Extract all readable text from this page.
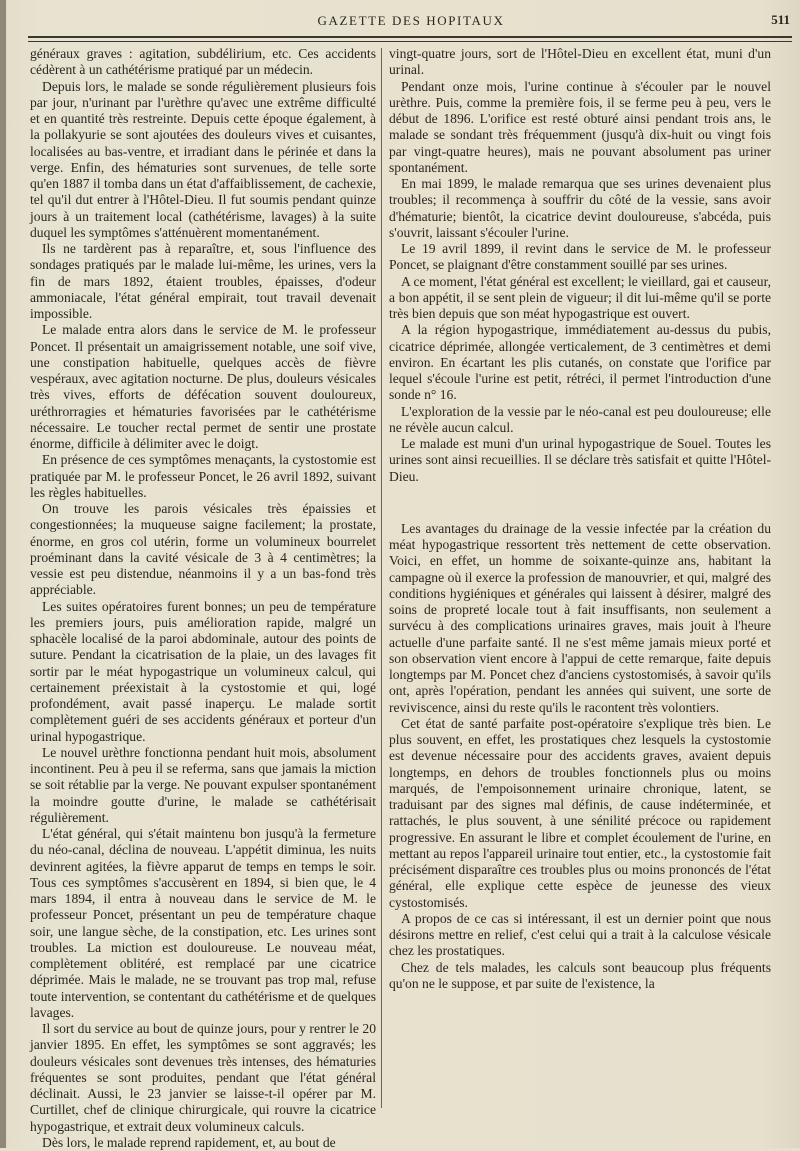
GAZETTE DES HOPITAUX	511

généraux graves : agitation, subdélirium, etc. Ces accidents cédèrent à un cathétérisme pratiqué par un médecin.

Depuis lors, le malade se sonde régulièrement plusieurs fois par jour, n'urinant par l'urèthre qu'avec une extrême difficulté et en quantité très restreinte. Depuis cette époque également, à la pollakyurie se sont ajoutées des douleurs vives et cuisantes, localisées au bas-ventre, et irradiant dans le périnée et dans la verge. Enfin, des hématuries sont survenues, de telle sorte qu'en 1887 il tomba dans un état d'affaiblissement, de cachexie, tel qu'il dut entrer à l'Hôtel-Dieu. Il fut soumis pendant quinze jours à un traitement local (cathétérisme, lavages) à la suite duquel les symptômes s'atténuèrent momentanément.

Ils ne tardèrent pas à reparaître, et, sous l'influence des sondages pratiqués par le malade lui-même, les urines, vers la fin de mars 1892, étaient troubles, épaisses, d'odeur ammoniacale, l'état général empirait, tout travail devenait impossible.

Le malade entra alors dans le service de M. le professeur Poncet. Il présentait un amaigrissement notable, une soif vive, une constipation habituelle, quelques accès de fièvre vespéraux, avec agitation nocturne. De plus, douleurs vésicales très vives, efforts de défécation souvent douloureux, uréthrorragies et hématuries favorisées par le cathétérisme nécessaire. Le toucher rectal permet de sentir une prostate énorme, difficile à délimiter avec le doigt.

En présence de ces symptômes menaçants, la cystostomie est pratiquée par M. le professeur Poncet, le 26 avril 1892, suivant les règles habituelles.

On trouve les parois vésicales très épaissies et congestionnées; la muqueuse saigne facilement; la prostate, énorme, en gros col utérin, forme un volumineux bourrelet proéminant dans la cavité vésicale de 3 à 4 centimètres; la vessie est peu distendue, néanmoins il y a un bas-fond très appréciable.

Les suites opératoires furent bonnes; un peu de température les premiers jours, puis amélioration rapide, malgré un sphacèle localisé de la paroi abdominale, autour des points de suture. Pendant la cicatrisation de la plaie, un des lavages fit sortir par le méat hypogastrique un volumineux calcul, qui certainement préexistait à la cystostomie et qui, logé profondément, avait passé inaperçu. Le malade sortit complètement guéri de ses accidents généraux et porteur d'un urinal hypogastrique.

Le nouvel urèthre fonctionna pendant huit mois, absolument incontinent. Peu à peu il se referma, sans que jamais la miction se soit rétablie par la verge. Ne pouvant expulser spontanément la moindre goutte d'urine, le malade se cathétérisait régulièrement.

L'état général, qui s'était maintenu bon jusqu'à la fermeture du néo-canal, déclina de nouveau. L'appétit diminua, les nuits devinrent agitées, la fièvre apparut de temps en temps le soir. Tous ces symptômes s'accusèrent en 1894, si bien que, le 4 mars 1894, il entra à nouveau dans le service de M. le professeur Poncet, présentant un peu de température chaque soir, une langue sèche, de la constipation, etc. Les urines sont troubles. La miction est douloureuse. Le nouveau méat, complètement oblitéré, est remplacé par une cicatrice déprimée. Mais le malade, ne se trouvant pas trop mal, refuse toute intervention, se contentant du cathétérisme et de quelques lavages.

Il sort du service au bout de quinze jours, pour y rentrer le 20 janvier 1895. En effet, les symptômes se sont aggravés; les douleurs vésicales sont devenues très intenses, des hématuries fréquentes se sont produites, pendant que l'état général déclinait. Aussi, le 23 janvier se laisse-t-il opérer par M. Curtillet, chef de clinique chirurgicale, qui rouvre la cicatrice hypogastrique, et extrait deux volumineux calculs.

Dès lors, le malade reprend rapidement, et, au bout de

vingt-quatre jours, sort de l'Hôtel-Dieu en excellent état, muni d'un urinal.

Pendant onze mois, l'urine continue à s'écouler par le nouvel urèthre. Puis, comme la première fois, il se ferme peu à peu, vers le début de 1896. L'orifice est resté obturé ainsi pendant trois ans, le malade se sondant très fréquemment (jusqu'à dix-huit ou vingt fois par vingt-quatre heures), mais ne pouvant absolument pas uriner spontanément.

En mai 1899, le malade remarqua que ses urines devenaient plus troubles; il recommença à souffrir du côté de la vessie, sans avoir d'hématurie; bientôt, la cicatrice devint douloureuse, s'abcéda, puis s'ouvrit, laissant s'écouler l'urine.

Le 19 avril 1899, il revint dans le service de M. le professeur Poncet, se plaignant d'être constamment souillé par ses urines.

A ce moment, l'état général est excellent; le vieillard, gai et causeur, a bon appétit, il se sent plein de vigueur; il dit lui-même qu'il se porte très bien depuis que son méat hypogastrique est ouvert.

A la région hypogastrique, immédiatement au-dessus du pubis, cicatrice déprimée, allongée verticalement, de 3 centimètres et demi environ. En écartant les plis cutanés, on constate que l'orifice par lequel s'écoule l'urine est petit, rétréci, il permet l'introduction d'une sonde n° 16.

L'exploration de la vessie par le néo-canal est peu douloureuse; elle ne révèle aucun calcul.

Le malade est muni d'un urinal hypogastrique de Souel. Toutes les urines sont ainsi recueillies. Il se déclare très satisfait et quitte l'Hôtel-Dieu.

Les avantages du drainage de la vessie infectée par la création du méat hypogastrique ressortent très nettement de cette observation. Voici, en effet, un homme de soixante-quinze ans, habitant la campagne où il exerce la profession de manouvrier, et qui, malgré des conditions hygiéniques et générales qui laissent à désirer, malgré des soins de propreté locale tout à fait insuffisants, non seulement a survécu à des complications urinaires graves, mais jouit à l'heure actuelle d'une parfaite santé. Il ne s'est même jamais mieux porté et son observation vient encore à l'appui de cette remarque, faite depuis longtemps par M. Poncet chez d'anciens cystostomisés, à savoir qu'ils ont, après l'opération, pendant les années qui suivent, une sorte de reviviscence, ainsi du reste qu'ils le racontent très volontiers.

Cet état de santé parfaite post-opératoire s'explique très bien. Le plus souvent, en effet, les prostatiques chez lesquels la cystostomie est devenue nécessaire pour des accidents graves, avaient depuis longtemps, en dehors de troubles fonctionnels plus ou moins marqués, de l'empoisonnement urinaire chronique, latent, se traduisant par des signes mal définis, de cause indéterminée, et rattachés, le plus souvent, à une sénilité précoce ou rapidement progressive. En assurant le libre et complet écoulement de l'urine, en mettant au repos l'appareil urinaire tout entier, etc., la cystostomie fait précisément disparaître ces troubles plus ou moins prononcés de l'état général, elle explique cette espèce de jeunesse des vieux cystostomisés.

A propos de ce cas si intéressant, il est un dernier point que nous désirons mettre en relief, c'est celui qui a trait à la calculose vésicale chez les prostatiques.

Chez de tels malades, les calculs sont beaucoup plus fréquents qu'on ne le suppose, et par suite de l'existence, la
